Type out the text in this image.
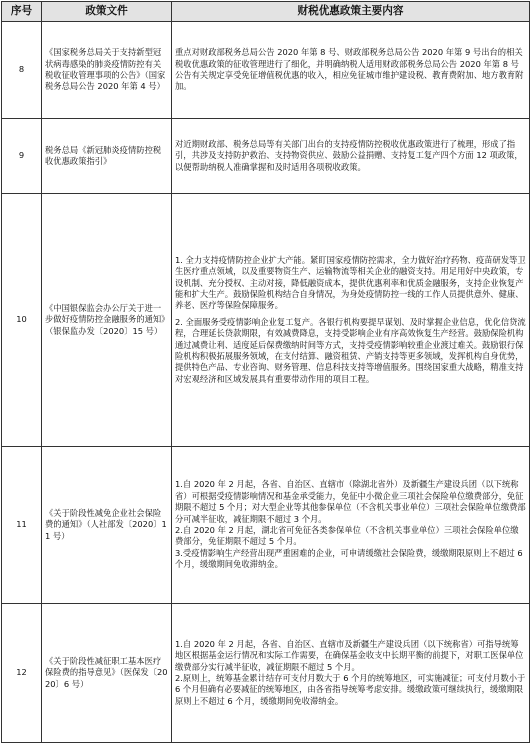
序号	政策文件	财税优惠政策主要内容
8	《国家税务总局关于支持新型冠状病毒感染的肺炎疫情防控有关税收征收管理事项的公告》（国家税务总局公告 2020 年第 4 号）	重点对财政部税务总局公告 2020 年第 8 号、财政部税务总局公告 2020 年第 9 号出台的相关税收优惠政策的征收管理进行了细化，并明确纳税人适用财政部税务总局公告 2020 年第 8 号公告有关规定享受免征增值税优惠的收入，相应免征城市维护建设税、教育费附加、地方教育附加。

9	税务总局《新冠肺炎疫情防控税收优惠政策指引》	对近期财政部、税务总局等有关部门出台的支持疫情防控税收优惠政策进行了梳理，形成了指引，共涉及支持防护救治、支持物资供应、鼓励公益捐赠、支持复工复产四个方面 12 项政策，以便帮助纳税人准确掌握和及时适用各项税收政策。

10	《中国银保监会办公厅关于进一步做好疫情防控金融服务的通知》（银保监办发〔2020〕15 号）	1. 全力支持疫情防控企业扩大产能。紧盯国家疫情防控需求，全力做好治疗药物、疫苗研发等卫生医疗重点领域，以及重要物资生产、运输物流等相关企业的融资支持。用足用好中央政策，专设机制、充分授权、主动对接，降低融资成本，提供优惠利率和优质金融服务，支持企业恢复产能和扩大生产。鼓励保险机构结合自身情况，为身处疫情防控一线的工作人员提供意外、健康、养老、医疗等保险保障服务。

2. 全面服务受疫情影响企业复工复产。各银行机构要提早谋划、及时掌握企业信息，优化信贷流程，合理延长贷款期限，有效减费降息，支持受影响企业有序高效恢复生产经营。鼓励保险机构通过减费让利、适度延后保费缴纳时间等方式，支持受疫情影响较重企业渡过难关。鼓励银行保险机构积极拓展服务领域，在支付结算、融资租赁、产销支持等更多领域，发挥机构自身优势，提供特色产品、专业咨询、财务管理、信息科技支持等增值服务。围绕国家重大战略，精准支持对宏观经济和区域发展具有重要带动作用的项目工程。

11	《关于阶段性减免企业社会保险费的通知》（人社部发〔2020〕11 号）	1.自 2020 年 2 月起，各省、自治区、直辖市（除湖北省外）及新疆生产建设兵团（以下统称省）可根据受疫情影响情况和基金承受能力，免征中小微企业三项社会保险单位缴费部分，免征期限不超过 5 个月；对大型企业等其他参保单位（不含机关事业单位）三项社会保险单位缴费部分可减半征收，减征期限不超过 3 个月。

2.自 2020 年 2 月起，湖北省可免征各类参保单位（不含机关事业单位）三项社会保险单位缴费部分，免征期限不超过 5 个月。

3.受疫情影响生产经营出现严重困难的企业，可申请缓缴社会保险费，缓缴期限原则上不超过 6 个月，缓缴期间免收滞纳金。

12	《关于阶段性减征职工基本医疗保险费的指导意见》（医保发〔2020〕6 号）	1.自 2020 年 2 月起，各省、自治区、直辖市及新疆生产建设兵团（以下统称省）可指导统筹地区根据基金运行情况和实际工作需要，在确保基金收支中长期平衡的前提下，对职工医保单位缴费部分实行减半征收，减征期限不超过 5 个月。

2.原则上，统筹基金累计结存可支付月数大于 6 个月的统筹地区，可实施减征；可支付月数小于 6 个月但确有必要减征的统筹地区，由各省指导统筹考虑安排。缓缴政策可继续执行，缓缴期限原则上不超过 6 个月，缓缴期间免收滞纳金。
